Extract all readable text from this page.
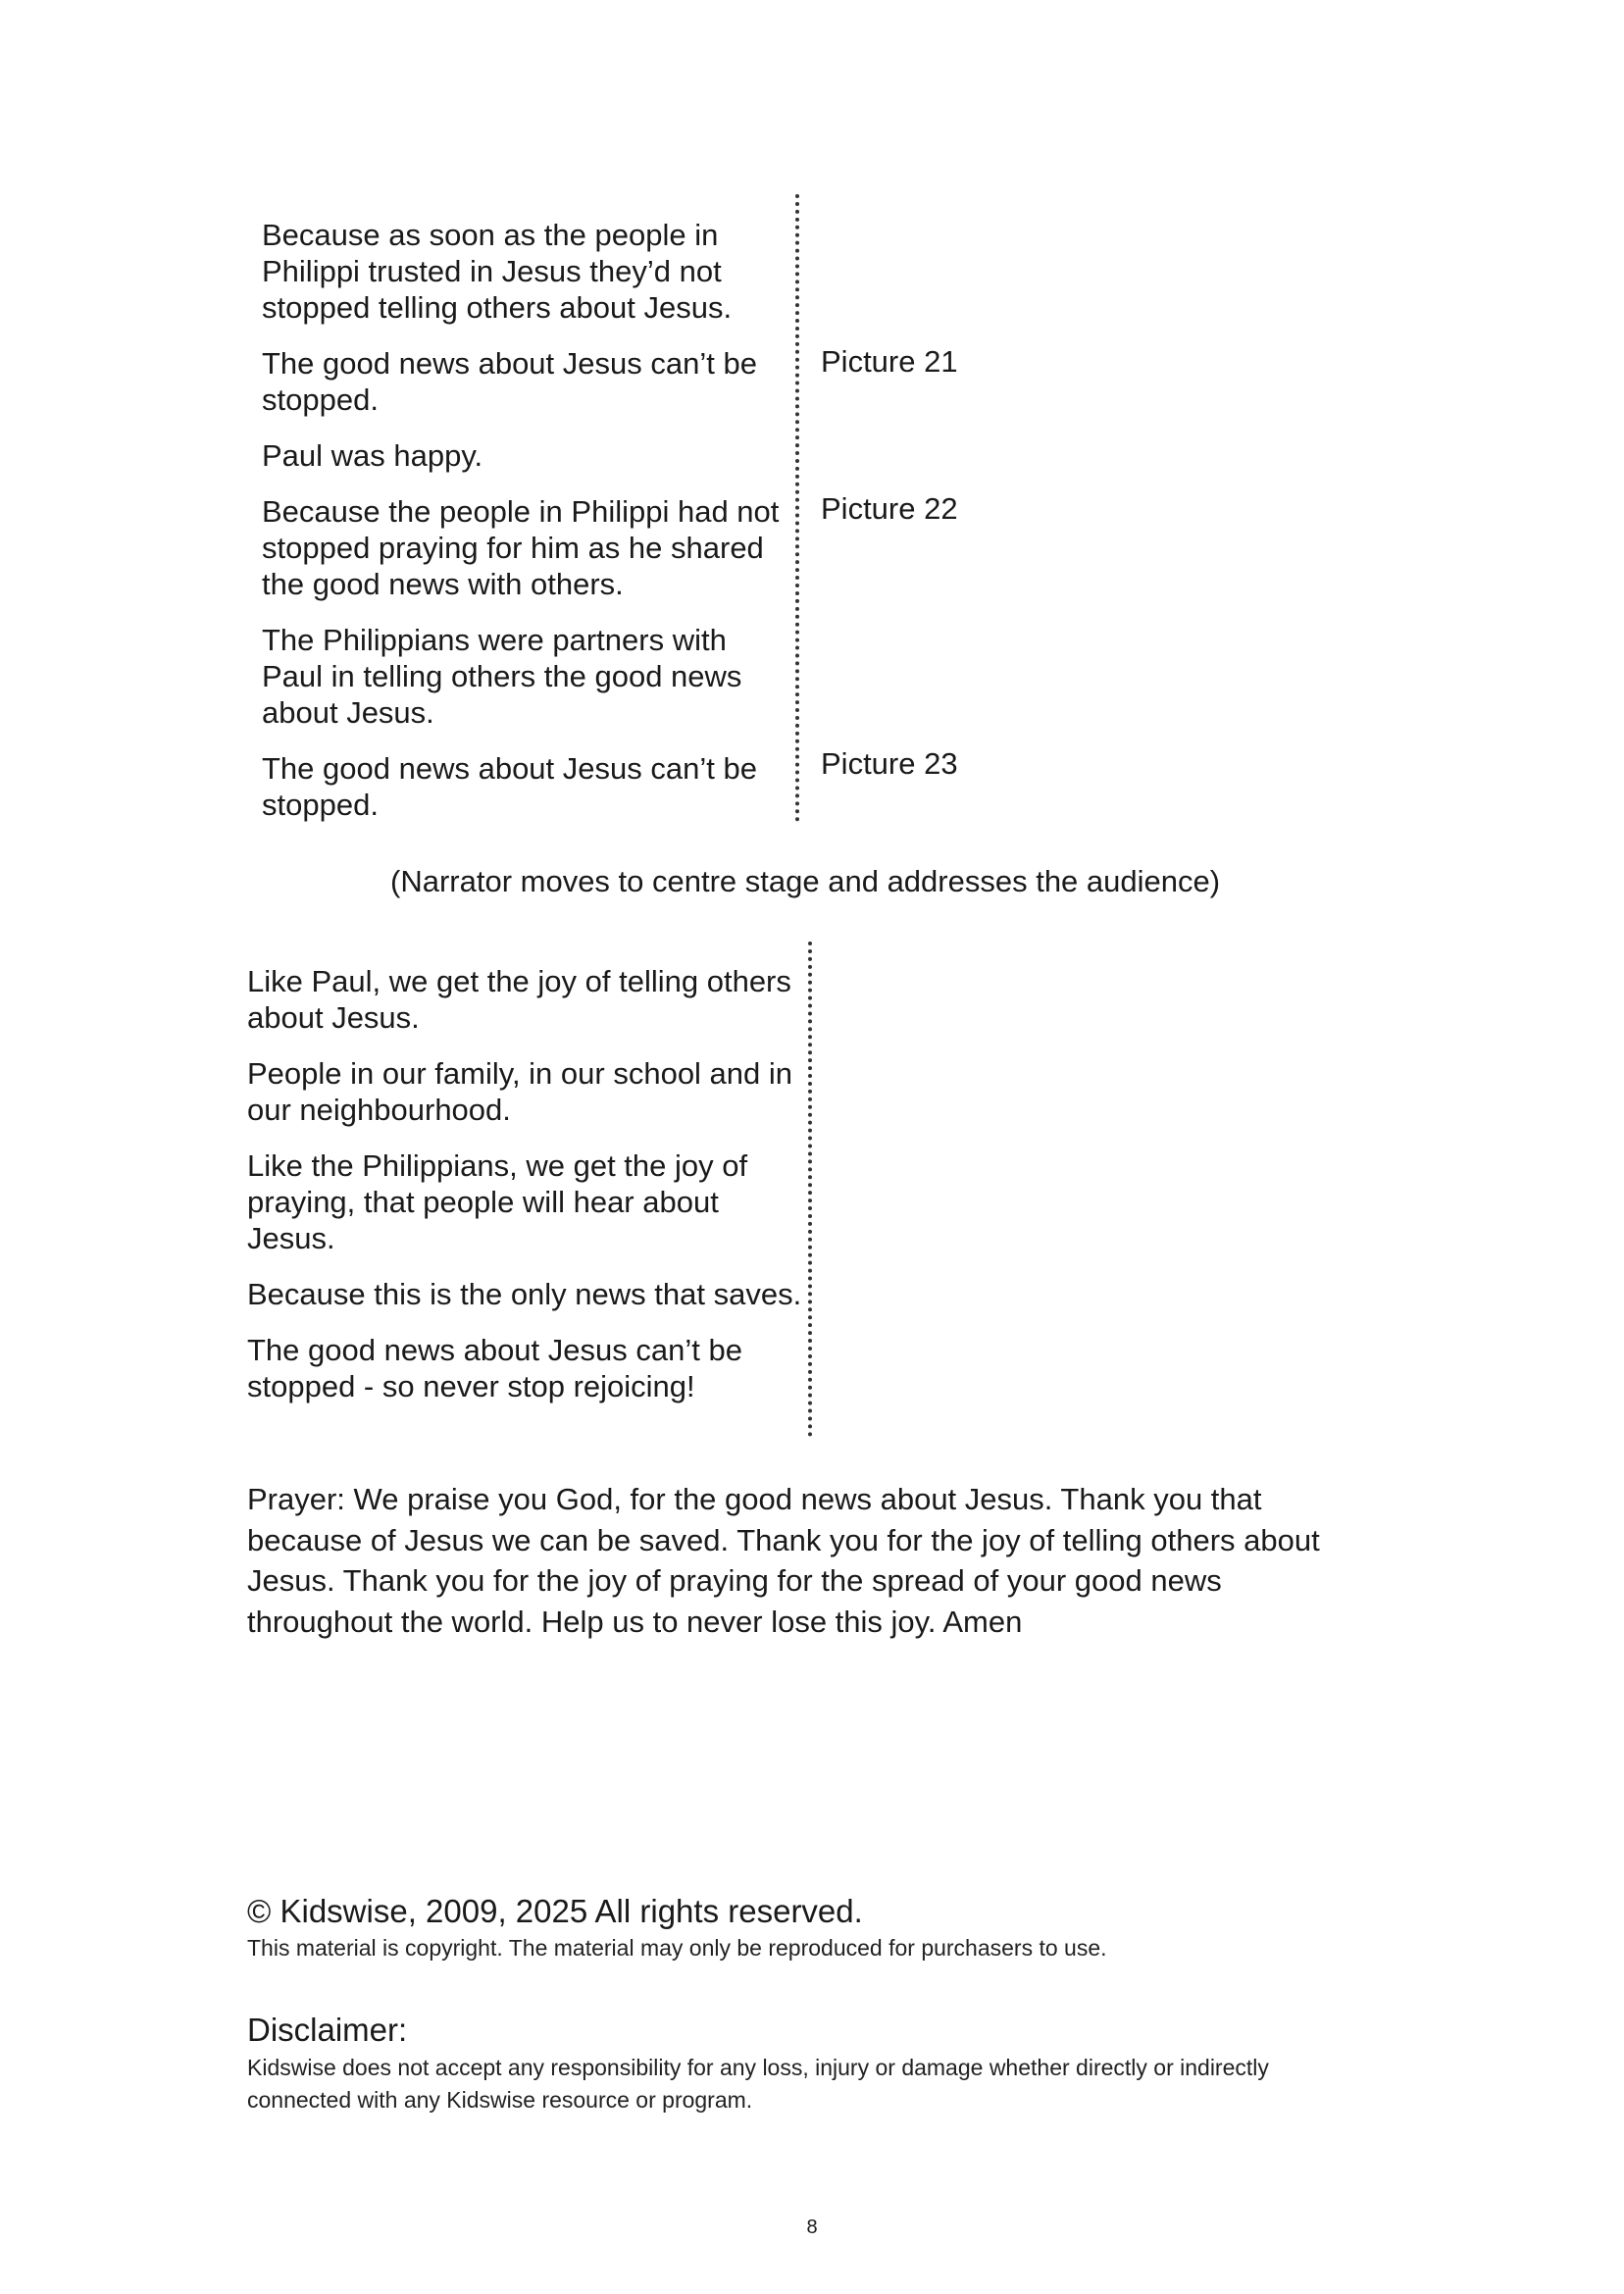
Because as soon as the people in Philippi trusted in Jesus they’d not stopped telling others about Jesus.

The good news about Jesus can’t be stopped.

Paul was happy.

Because the people in Philippi had not stopped praying for him as he shared the good news with others.

The Philippians were partners with Paul in telling others the good news about Jesus.

The good news about Jesus can’t be stopped.

Picture 21
Picture 22
Picture 23
(Narrator moves to centre stage and addresses the audience)

Like Paul, we get the joy of telling others about Jesus.

People in our family, in our school and in our neighbourhood.

Like the Philippians, we get the joy of praying, that people will hear about Jesus.

Because this is the only news that saves.

The good news about Jesus can’t be stopped - so never stop rejoicing!

Prayer: We praise you God, for the good news about Jesus. Thank you that because of Jesus we can be saved. Thank you for the joy of telling others about Jesus. Thank you for the joy of praying for the spread of your good news throughout the world. Help us to never lose this joy. Amen

© Kidswise, 2009, 2025 All rights reserved.
This material is copyright. The material may only be reproduced for purchasers to use.
Disclaimer:
Kidswise does not accept any responsibility for any loss, injury or damage whether directly or indirectly connected with any Kidswise resource or program.
8
